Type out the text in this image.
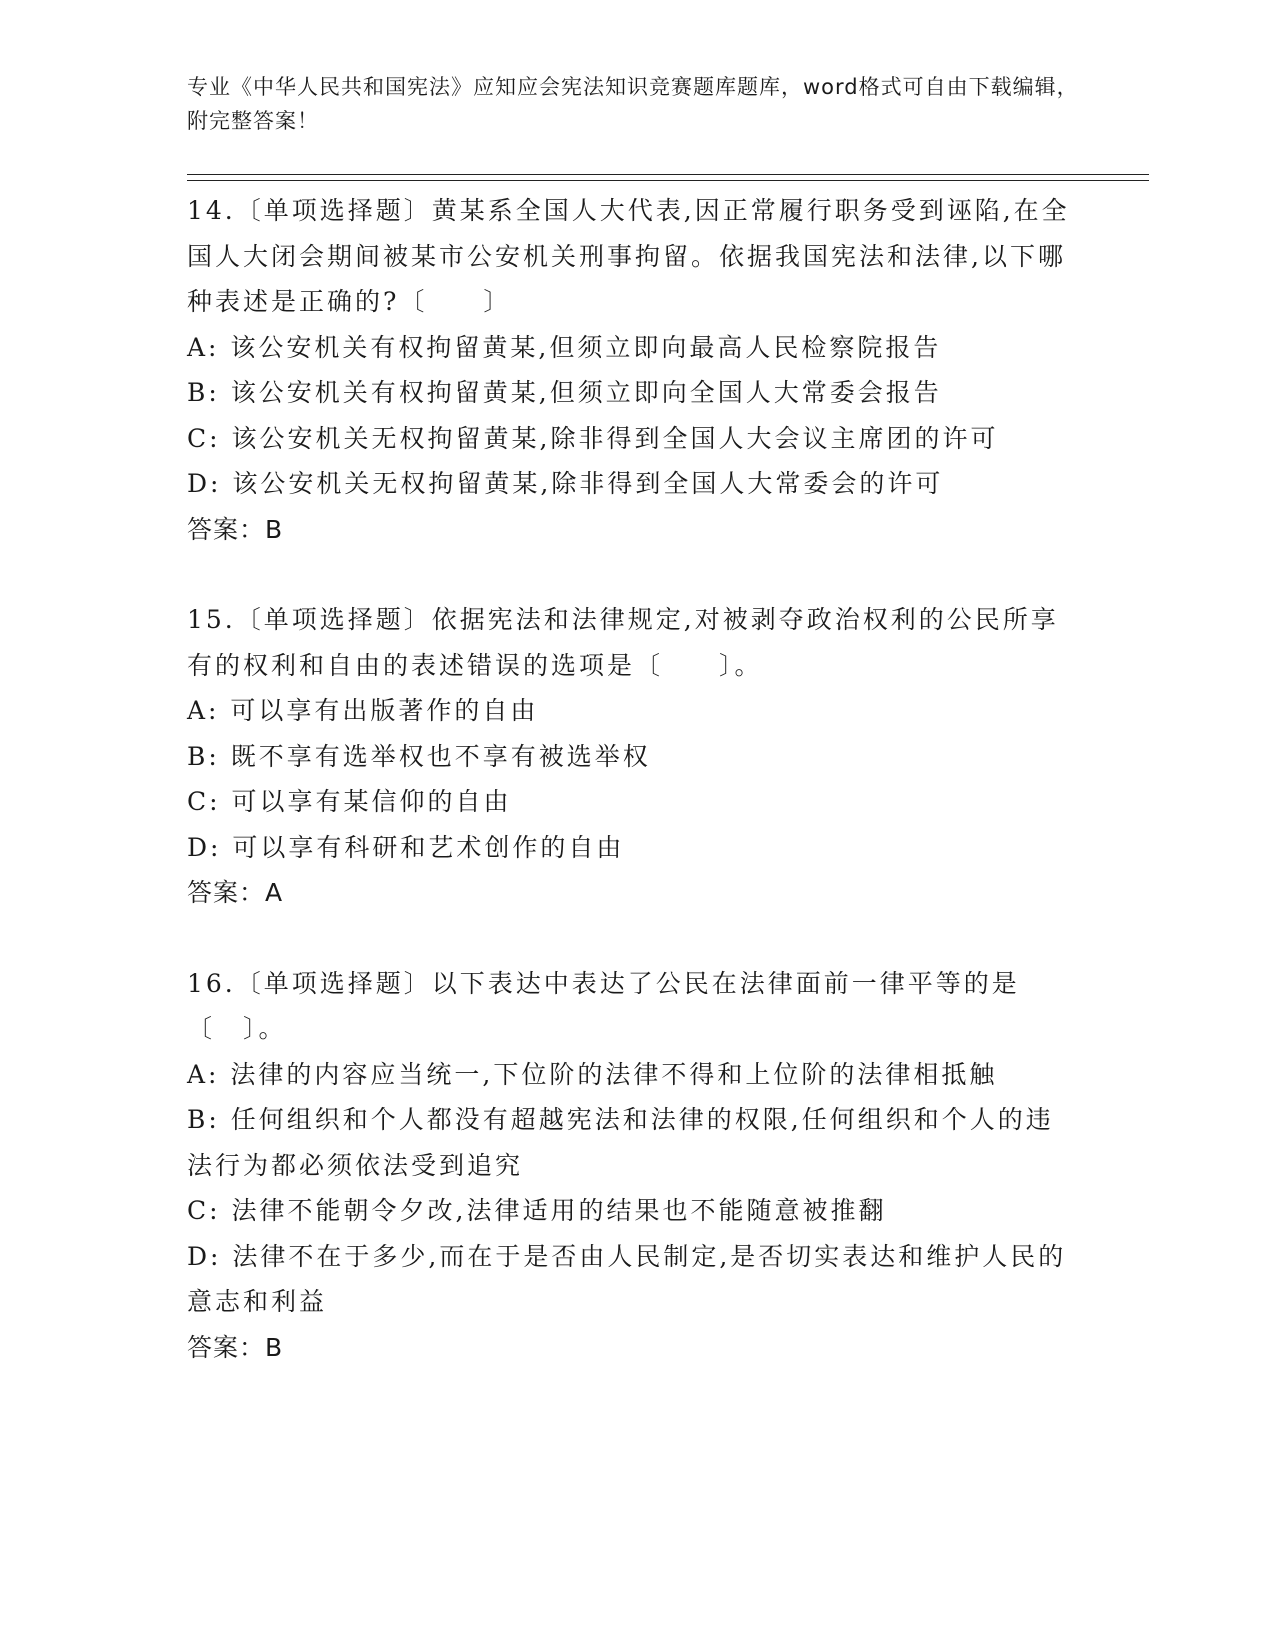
专业《中华人民共和国宪法》应知应会宪法知识竞赛题库题库，word格式可自由下载编辑，附完整答案！

14.〔单项选择题〕黄某系全国人大代表,因正常履行职务受到诬陷,在全国人大闭会期间被某市公安机关刑事拘留。依据我国宪法和法律,以下哪种表述是正确的?〔　　〕

A: 该公安机关有权拘留黄某,但须立即向最高人民检察院报告

B: 该公安机关有权拘留黄某,但须立即向全国人大常委会报告

C: 该公安机关无权拘留黄某,除非得到全国人大会议主席团的许可

D: 该公安机关无权拘留黄某,除非得到全国人大常委会的许可

答案：B

15.〔单项选择题〕依据宪法和法律规定,对被剥夺政治权利的公民所享有的权利和自由的表述错误的选项是〔　　〕。

A: 可以享有出版著作的自由

B: 既不享有选举权也不享有被选举权

C: 可以享有某信仰的自由

D: 可以享有科研和艺术创作的自由

答案：A

16.〔单项选择题〕以下表达中表达了公民在法律面前一律平等的是〔　〕。

A: 法律的内容应当统一,下位阶的法律不得和上位阶的法律相抵触

B: 任何组织和个人都没有超越宪法和法律的权限,任何组织和个人的违法行为都必须依法受到追究

C: 法律不能朝令夕改,法律适用的结果也不能随意被推翻

D: 法律不在于多少,而在于是否由人民制定,是否切实表达和维护人民的意志和利益

答案：B
